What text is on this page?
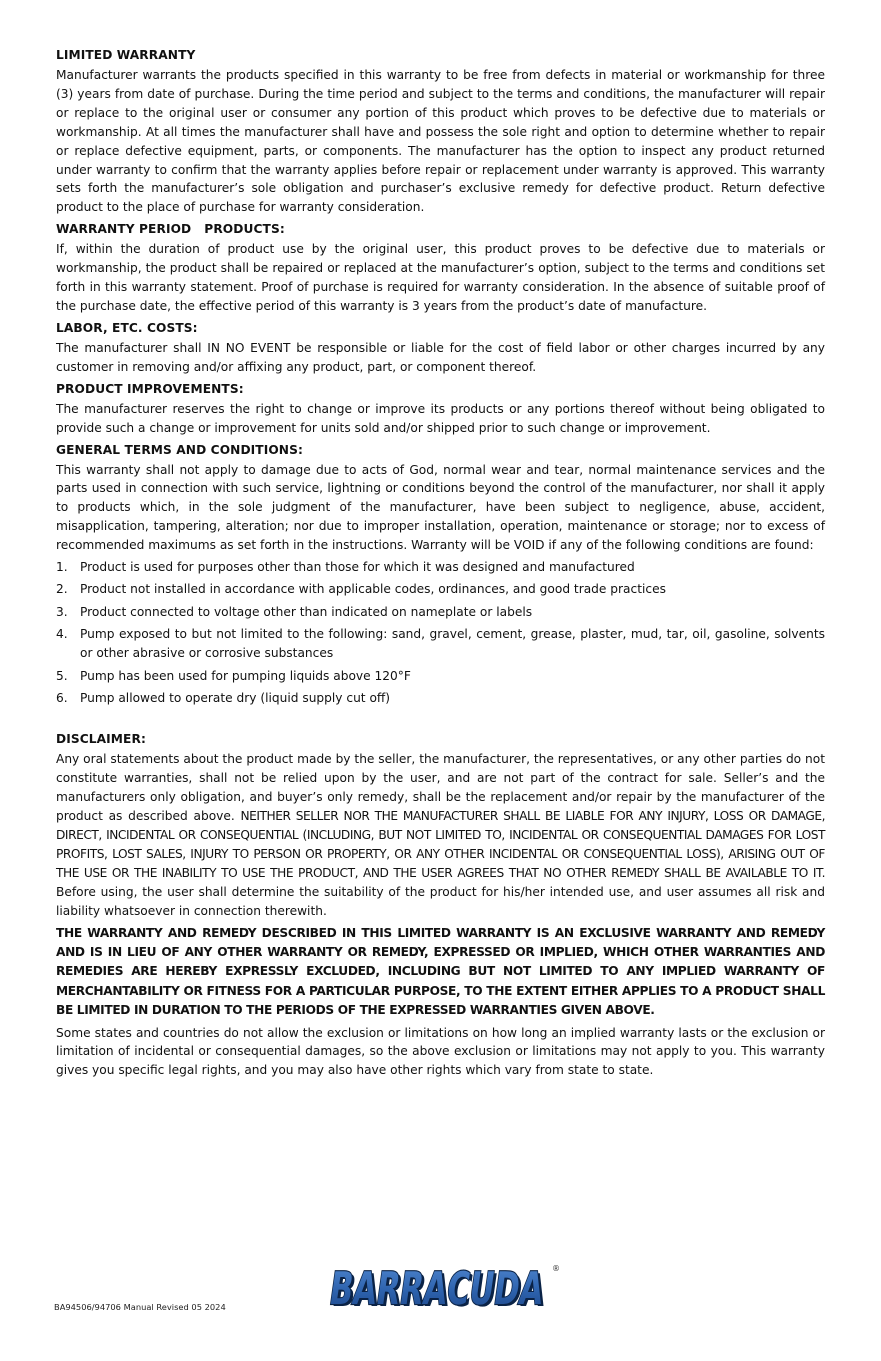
LIMITED WARRANTY

Manufacturer warrants the products specified in this warranty to be free from defects in material or workmanship for three (3) years from date of purchase. During the time period and subject to the terms and conditions, the manufacturer will repair or replace to the original user or consumer any portion of this product which proves to be defective due to materials or workmanship. At all times the manufacturer shall have and possess the sole right and option to determine whether to repair or replace defective equipment, parts, or components. The manufacturer has the option to inspect any product returned under warranty to confirm that the warranty applies before repair or replacement under warranty is approved. This warranty sets forth the manufacturer’s sole obligation and purchaser’s exclusive remedy for defective product. Return defective product to the place of purchase for warranty consideration.

WARRANTY PERIOD   PRODUCTS:

If, within the duration of product use by the original user, this product proves to be defective due to materials or workmanship, the product shall be repaired or replaced at the manufacturer’s option, subject to the terms and conditions set forth in this warranty statement. Proof of purchase is required for warranty consideration. In the absence of suitable proof of the purchase date, the effective period of this warranty is 3 years from the product’s date of manufacture.

LABOR, ETC. COSTS:

The manufacturer shall IN NO EVENT be responsible or liable for the cost of field labor or other charges incurred by any customer in removing and/or affixing any product, part, or component thereof.

PRODUCT IMPROVEMENTS:

The manufacturer reserves the right to change or improve its products or any portions thereof without being obligated to provide such a change or improvement for units sold and/or shipped prior to such change or improvement.

GENERAL TERMS AND CONDITIONS:

This warranty shall not apply to damage due to acts of God, normal wear and tear, normal maintenance services and the parts used in connection with such service, lightning or conditions beyond the control of the manufacturer, nor shall it apply to products which, in the sole judgment of the manufacturer, have been subject to negligence, abuse, accident, misapplication, tampering, alteration; nor due to improper installation, operation, maintenance or storage; nor to excess of recommended maximums as set forth in the instructions. Warranty will be VOID if any of the following conditions are found:

1. Product is used for purposes other than those for which it was designed and manufactured
2. Product not installed in accordance with applicable codes, ordinances, and good trade practices
3. Product connected to voltage other than indicated on nameplate or labels
4. Pump exposed to but not limited to the following: sand, gravel, cement, grease, plaster, mud, tar, oil, gasoline, solvents or other abrasive or corrosive substances
5. Pump has been used for pumping liquids above 120°F
6. Pump allowed to operate dry (liquid supply cut off)
DISCLAIMER:

Any oral statements about the product made by the seller, the manufacturer, the representatives, or any other parties do not constitute warranties, shall not be relied upon by the user, and are not part of the contract for sale. Seller’s and the manufacturers only obligation, and buyer’s only remedy, shall be the replacement and/or repair by the manufacturer of the product as described above. NEITHER SELLER NOR THE MANUFACTURER SHALL BE LIABLE FOR ANY INJURY, LOSS OR DAMAGE, DIRECT, INCIDENTAL OR CONSEQUENTIAL (INCLUDING, BUT NOT LIMITED TO, INCIDENTAL OR CONSEQUENTIAL DAMAGES FOR LOST PROFITS, LOST SALES, INJURY TO PERSON OR PROPERTY, OR ANY OTHER INCIDENTAL OR CONSEQUENTIAL LOSS), ARISING OUT OF THE USE OR THE INABILITY TO USE THE PRODUCT, AND THE USER AGREES THAT NO OTHER REMEDY SHALL BE AVAILABLE TO IT. Before using, the user shall determine the suitability of the product for his/her intended use, and user assumes all risk and liability whatsoever in connection therewith.

THE WARRANTY AND REMEDY DESCRIBED IN THIS LIMITED WARRANTY IS AN EXCLUSIVE WARRANTY AND REMEDY AND IS IN LIEU OF ANY OTHER WARRANTY OR REMEDY, EXPRESSED OR IMPLIED, WHICH OTHER WARRANTIES AND REMEDIES ARE HEREBY EXPRESSLY EXCLUDED, INCLUDING BUT NOT LIMITED TO ANY IMPLIED WARRANTY OF MERCHANTABILITY OR FITNESS FOR A PARTICULAR PURPOSE, TO THE EXTENT EITHER APPLIES TO A PRODUCT SHALL BE LIMITED IN DURATION TO THE PERIODS OF THE EXPRESSED WARRANTIES GIVEN ABOVE.

Some states and countries do not allow the exclusion or limitations on how long an implied warranty lasts or the exclusion or limitation of incidental or consequential damages, so the above exclusion or limitations may not apply to you. This warranty gives you specific legal rights, and you may also have other rights which vary from state to state.

BARRACUDA
BARRACUDA
®
BA94506/94706 Manual Revised 05 2024
